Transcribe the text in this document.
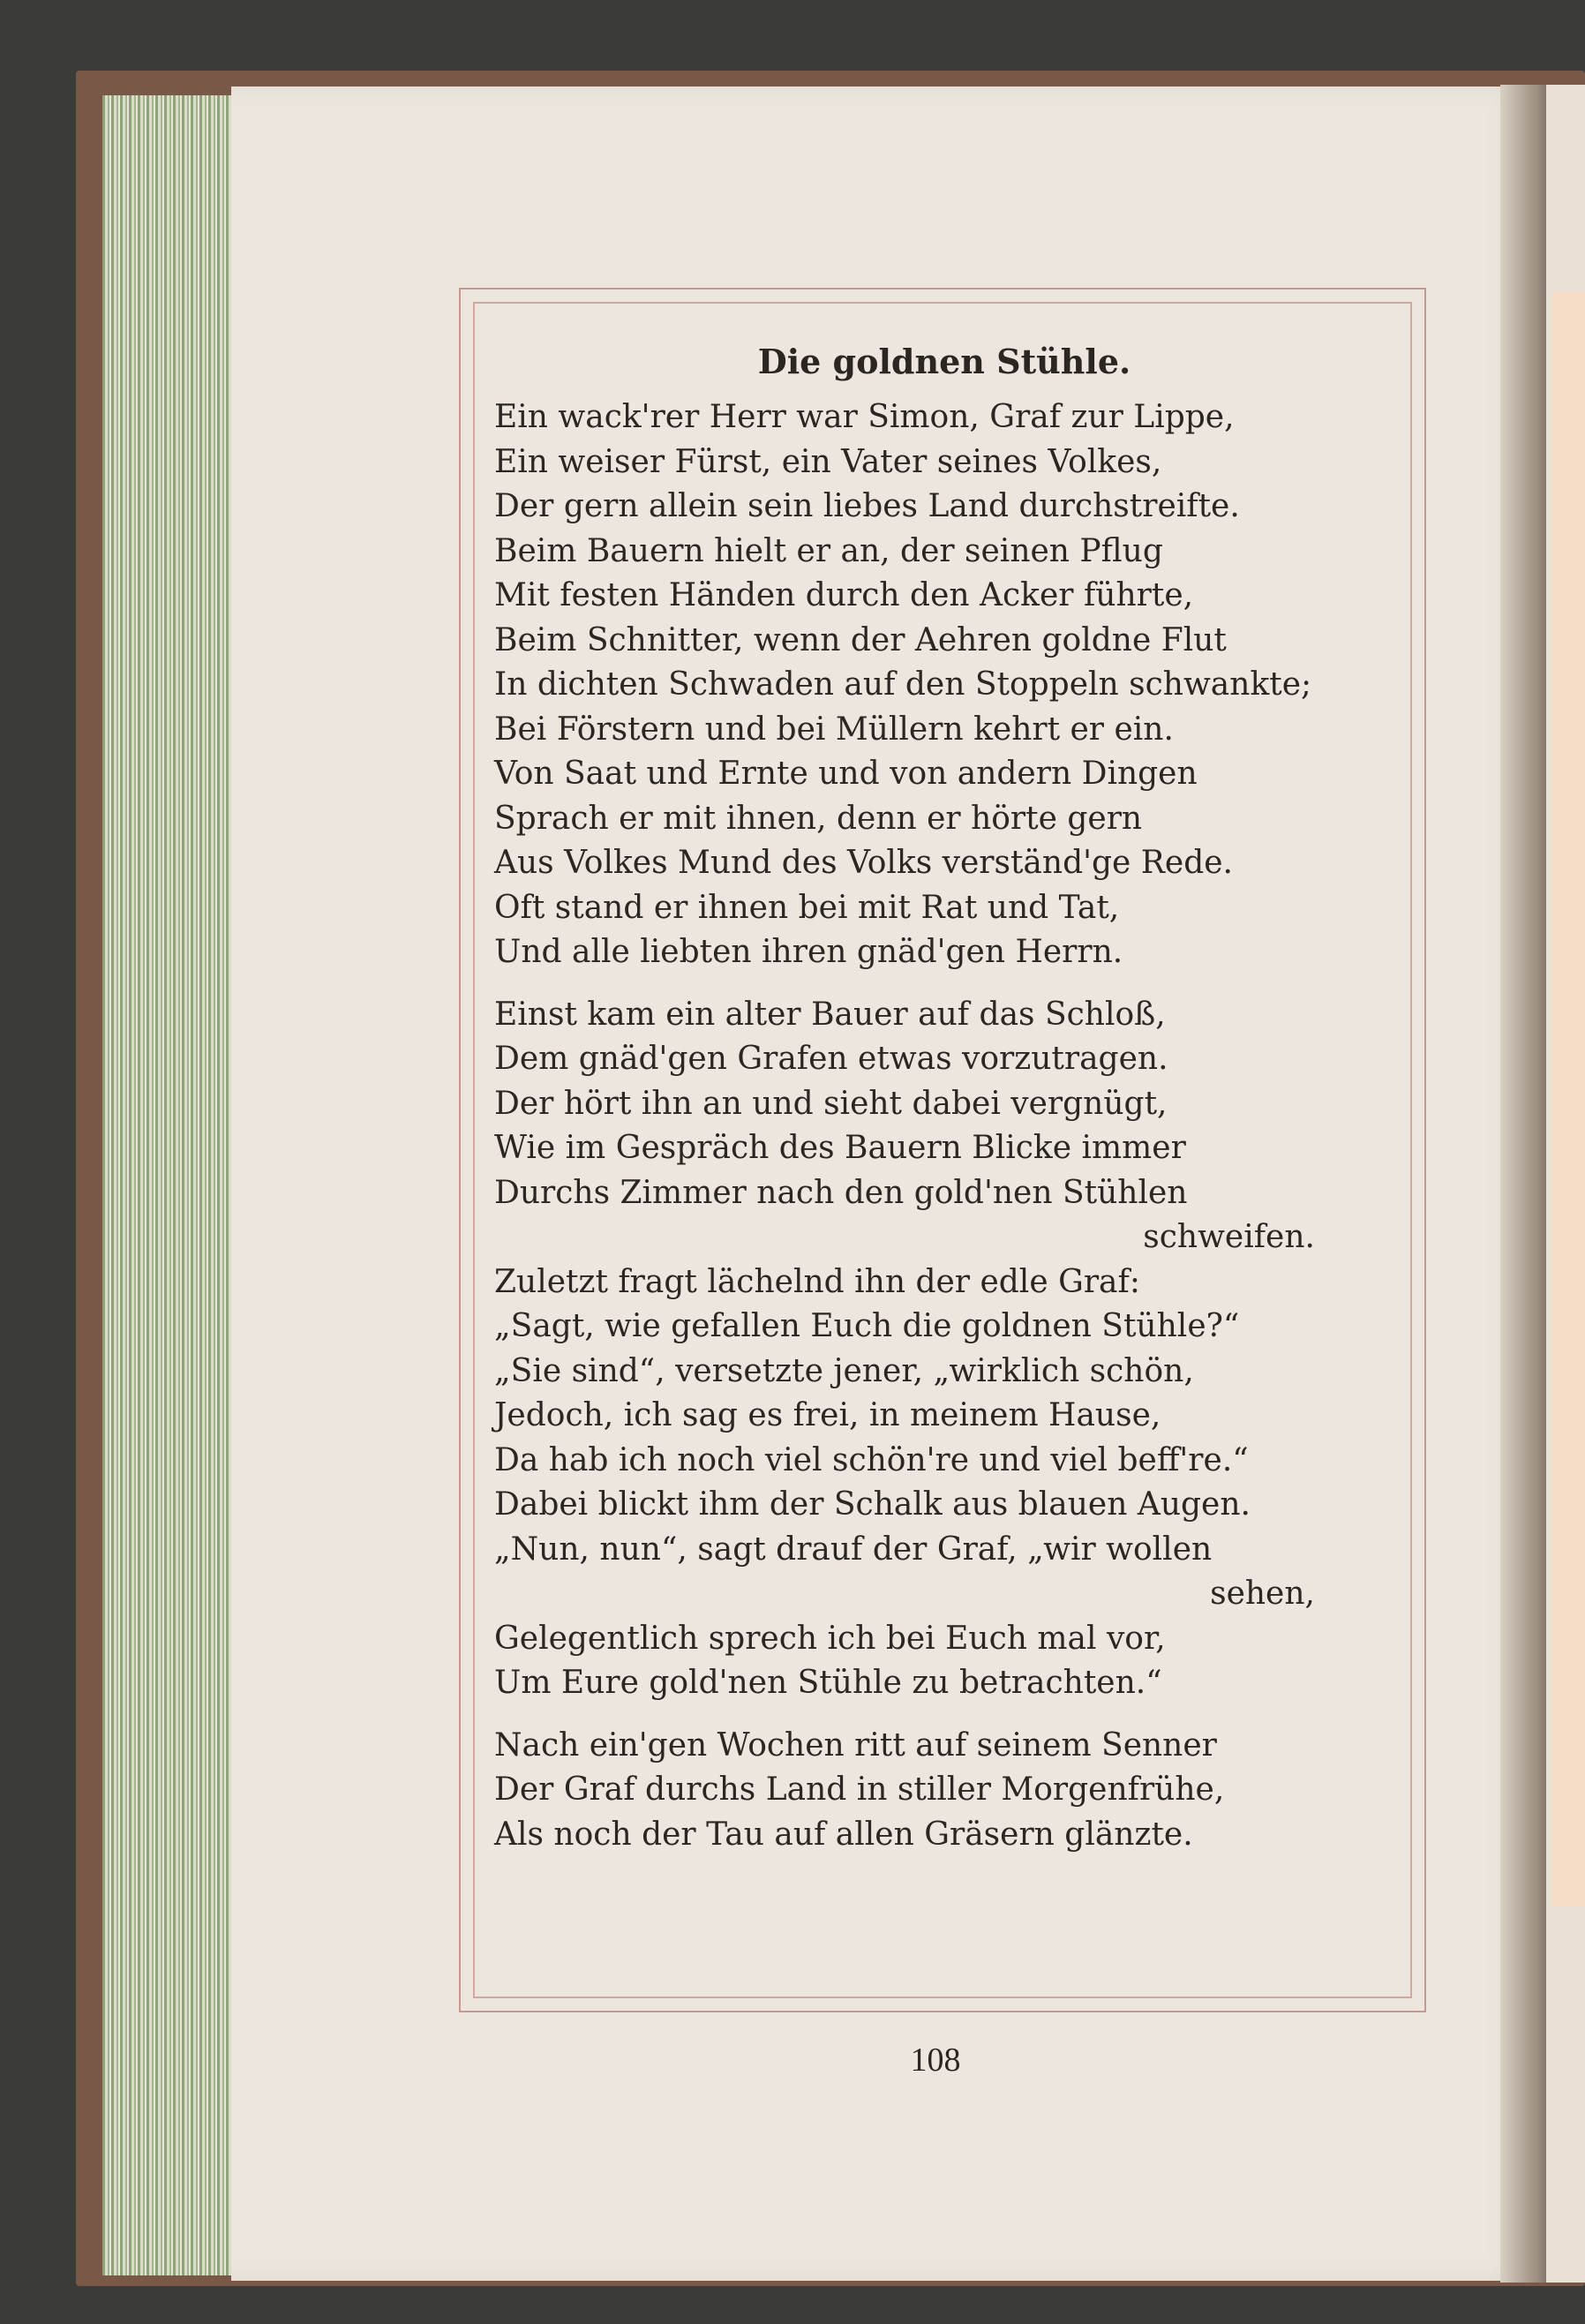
Die goldnen Stühle.
Ein wack'rer Herr war Simon, Graf zur Lippe,
Ein weiser Fürst, ein Vater seines Volkes,
Der gern allein sein liebes Land durchstreifte.
Beim Bauern hielt er an, der seinen Pflug
Mit festen Händen durch den Acker führte,
Beim Schnitter, wenn der Aehren goldne Flut
In dichten Schwaden auf den Stoppeln schwankte;
Bei Förstern und bei Müllern kehrt er ein.
Von Saat und Ernte und von andern Dingen
Sprach er mit ihnen, denn er hörte gern
Aus Volkes Mund des Volks verständ'ge Rede.
Oft stand er ihnen bei mit Rat und Tat,
Und alle liebten ihren gnäd'gen Herrn.
Einst kam ein alter Bauer auf das Schloß,
Dem gnäd'gen Grafen etwas vorzutragen.
Der hört ihn an und sieht dabei vergnügt,
Wie im Gespräch des Bauern Blicke immer
Durchs Zimmer nach den gold'nen Stühlen
schweifen.
Zuletzt fragt lächelnd ihn der edle Graf:
„Sagt, wie gefallen Euch die goldnen Stühle?“
„Sie sind“, versetzte jener, „wirklich schön,
Jedoch, ich sag es frei, in meinem Hause,
Da hab ich noch viel schön're und viel beff're.“
Dabei blickt ihm der Schalk aus blauen Augen.
„Nun, nun“, sagt drauf der Graf, „wir wollen
sehen,
Gelegentlich sprech ich bei Euch mal vor,
Um Eure gold'nen Stühle zu betrachten.“
Nach ein'gen Wochen ritt auf seinem Senner
Der Graf durchs Land in stiller Morgenfrühe,
Als noch der Tau auf allen Gräsern glänzte.
108
